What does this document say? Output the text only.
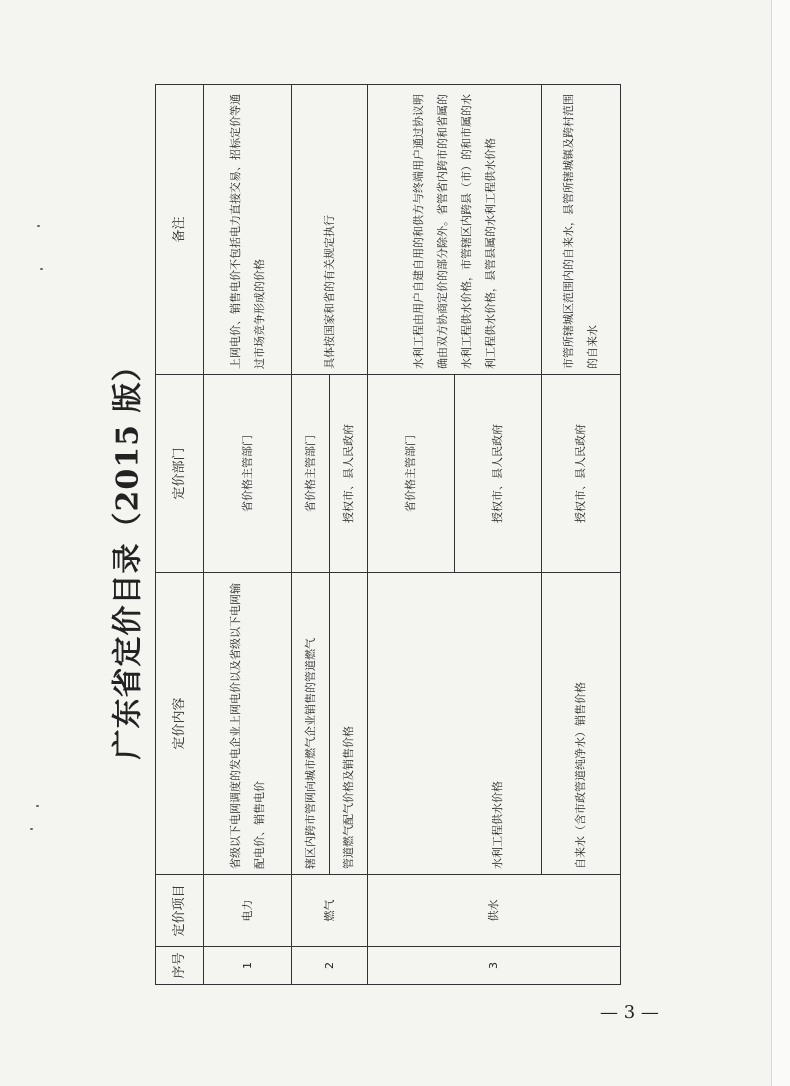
广东省定价目录（2015 版）
序号	定价项目	定价内容	定价部门	备注
1	电力	省级以下电网调度的发电企业上网电价以及省级以下电网输配电价、销售电价	省价格主管部门	上网电价、销售电价不包括电力直接交易、招标定价等通过市场竞争形成的价格
2	燃气	辖区内跨市管网向城市燃气企业销售的管道燃气	省价格主管部门	具体按国家和省的有关规定执行
		管道燃气配气价格及销售价格	授权市、县人民政府	
3	供水	水利工程供水价格	省价格主管部门 授权市、县人民政府	水利工程由用户自建自用的和供方与终端用户通过协议明确由双方协商定价的部分除外。省管省内跨市的和省属的水利工程供水价格，市管辖区内跨县（市）的和市属的水利工程供水价格，县管县属的水利工程供水价格
		自来水（含市政管道纯净水）销售价格	授权市、县人民政府	市管所辖城区范围内的自来水，县管所辖城镇及跨村范围的自来水
— 3 —
